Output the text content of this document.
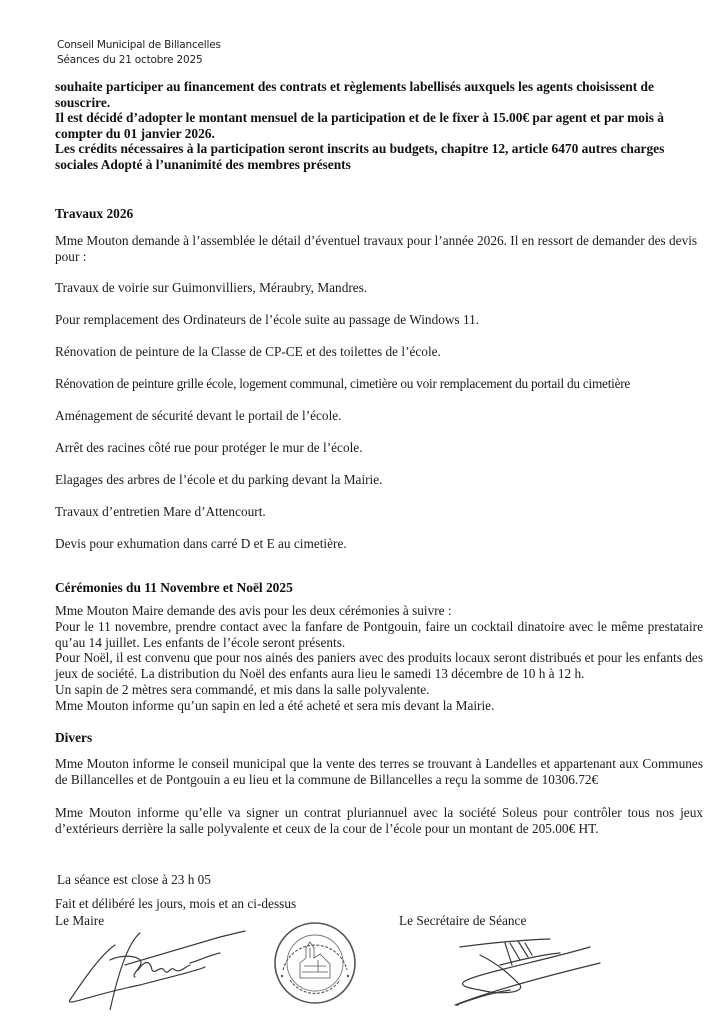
Conseil Municipal de Billancelles
Séances du 21 octobre 2025
souhaite participer au financement des contrats et règlements labellisés auxquels les agents choisissent de souscrire.
Il est décidé d’adopter le montant mensuel de la participation et de le fixer à 15.00€ par agent et par mois à compter du 01 janvier 2026.
Les crédits nécessaires à la participation seront inscrits au budgets, chapitre 12, article 6470 autres charges sociales Adopté à l’unanimité des membres présents
Travaux 2026
Mme Mouton demande à l’assemblée le détail d’éventuel travaux pour l’année 2026. Il en ressort de demander des devis pour :
Travaux de voirie sur Guimonvilliers, Méraubry, Mandres.
Pour remplacement des Ordinateurs de l’école suite au passage de Windows 11.
Rénovation de peinture de la Classe de CP-CE et des toilettes de l’école.
Rénovation de peinture grille école, logement communal, cimetière ou voir remplacement du portail du cimetière
Aménagement de sécurité devant le portail de l’école.
Arrêt des racines côté rue pour protéger le mur de l’école.
Elagages des arbres de l’école et du parking devant la Mairie.
Travaux d’entretien Mare d’Attencourt.
Devis pour exhumation dans carré D et E au cimetière.
Cérémonies du 11 Novembre et Noël 2025
Mme Mouton Maire demande des avis pour les deux cérémonies à suivre :
Pour le 11 novembre, prendre contact avec la fanfare de Pontgouin, faire un cocktail dinatoire avec le même prestataire qu’au 14 juillet. Les enfants de l’école seront présents.
Pour Noël, il est convenu que pour nos ainés des paniers avec des produits locaux seront distribués et pour les enfants des jeux de société. La distribution du Noël des enfants aura lieu le samedi 13 décembre de 10 h à 12 h.
Un sapin de 2 mètres sera commandé, et mis dans la salle polyvalente.
Mme Mouton informe qu’un sapin en led a été acheté et sera mis devant la Mairie.
Divers
Mme Mouton informe le conseil municipal que la vente des terres se trouvant à Landelles et appartenant aux Communes de Billancelles et de Pontgouin a eu lieu et la commune de Billancelles a reçu la somme de 10306.72€
Mme Mouton informe qu’elle va signer un contrat pluriannuel avec la société Soleus pour contrôler tous nos jeux d’extérieurs derrière la salle polyvalente et ceux de la cour de l’école pour un montant de 205.00€ HT.
La séance est close à 23 h 05
Fait et délibéré les jours, mois et an ci-dessus
Le Maire	Le Secrétaire de Séance
